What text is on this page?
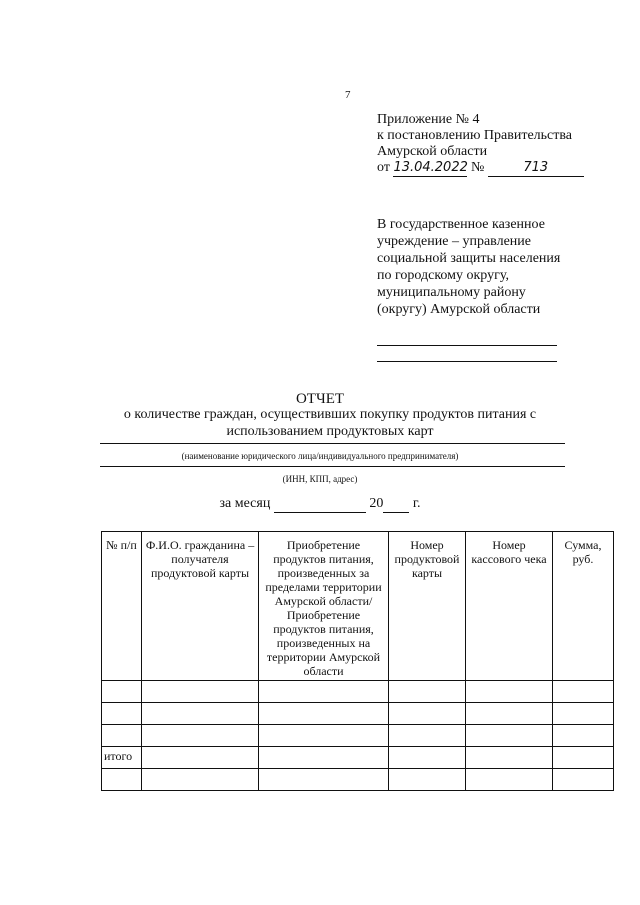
7
Приложение № 4
к постановлению Правительства
Амурской области
от 13.04.2022 №	713
В государственное казенное учреждение – управление социальной защиты населения по городскому округу, муниципальному району (округу) Амурской области
ОТЧЕТ
о количестве граждан, осуществивших покупку продуктов питания с использованием продуктовых карт
(наименование юридического лица/индивидуального предпринимателя)
(ИНН, КПП, адрес)
за месяц	20 г.
№ п/п	Ф.И.О. гражданина – получателя продуктовой карты	Приобретение продуктов питания, произведенных за пределами территории Амурской области/ Приобретение продуктов питания, произведенных на территории Амурской области	Номер продуктовой карты	Номер кассового чека	Сумма, руб.

итого					
